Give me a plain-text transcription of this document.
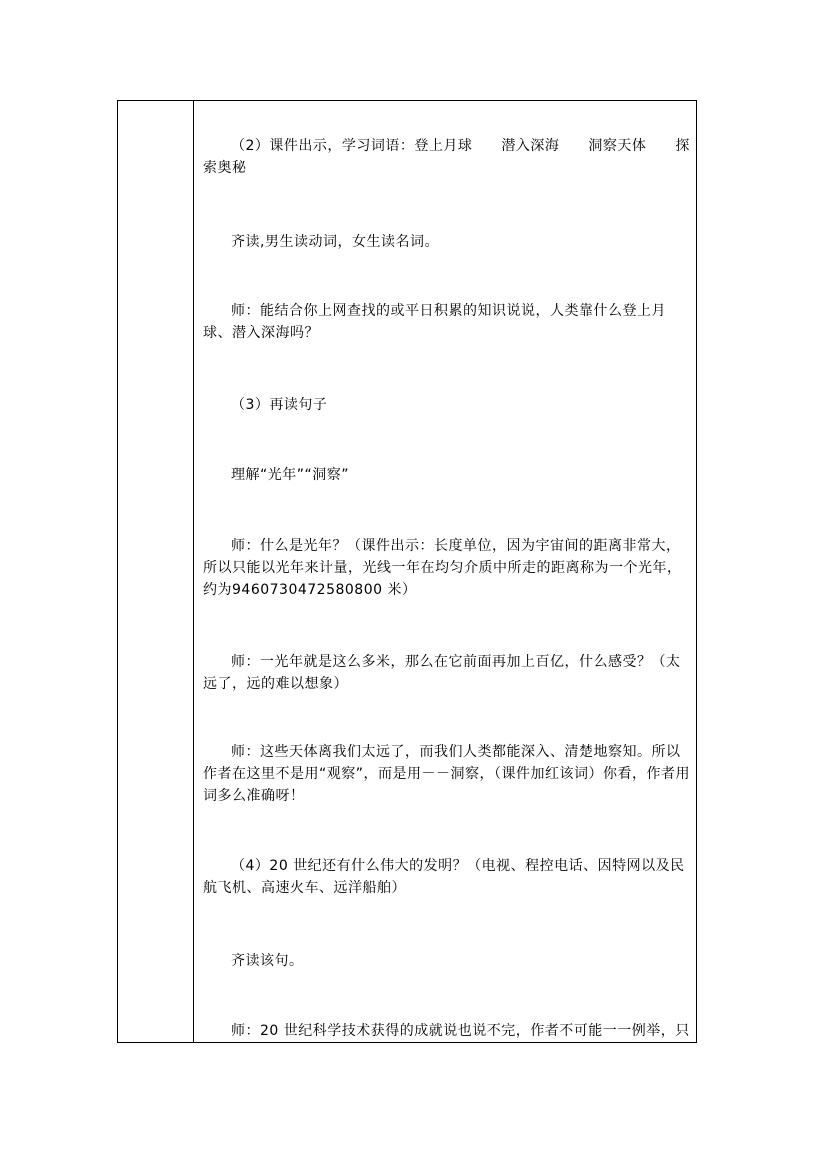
（2）课件出示，学习词语：登上月球　　潜入深海　　洞察天体　　探索奥秘

齐读,男生读动词，女生读名词。

师：能结合你上网查找的或平日积累的知识说说，人类靠什么登上月球、潜入深海吗？

（3）再读句子

理解“光年”“洞察”

师：什么是光年？（课件出示：长度单位，因为宇宙间的距离非常大，所以只能以光年来计量，光线一年在均匀介质中所走的距离称为一个光年，约为9460730472580800 米）

师：一光年就是这么多米，那么在它前面再加上百亿，什么感受？（太远了，远的难以想象）

师：这些天体离我们太远了，而我们人类都能深入、清楚地察知。所以作者在这里不是用“观察”，而是用－－洞察，（课件加红该词）你看，作者用词多么准确呀！

（4）20 世纪还有什么伟大的发明？（电视、程控电话、因特网以及民航飞机、高速火车、远洋船舶）

齐读该句。

师：20 世纪科学技术获得的成就说也说不完，作者不可能一一例举，只
